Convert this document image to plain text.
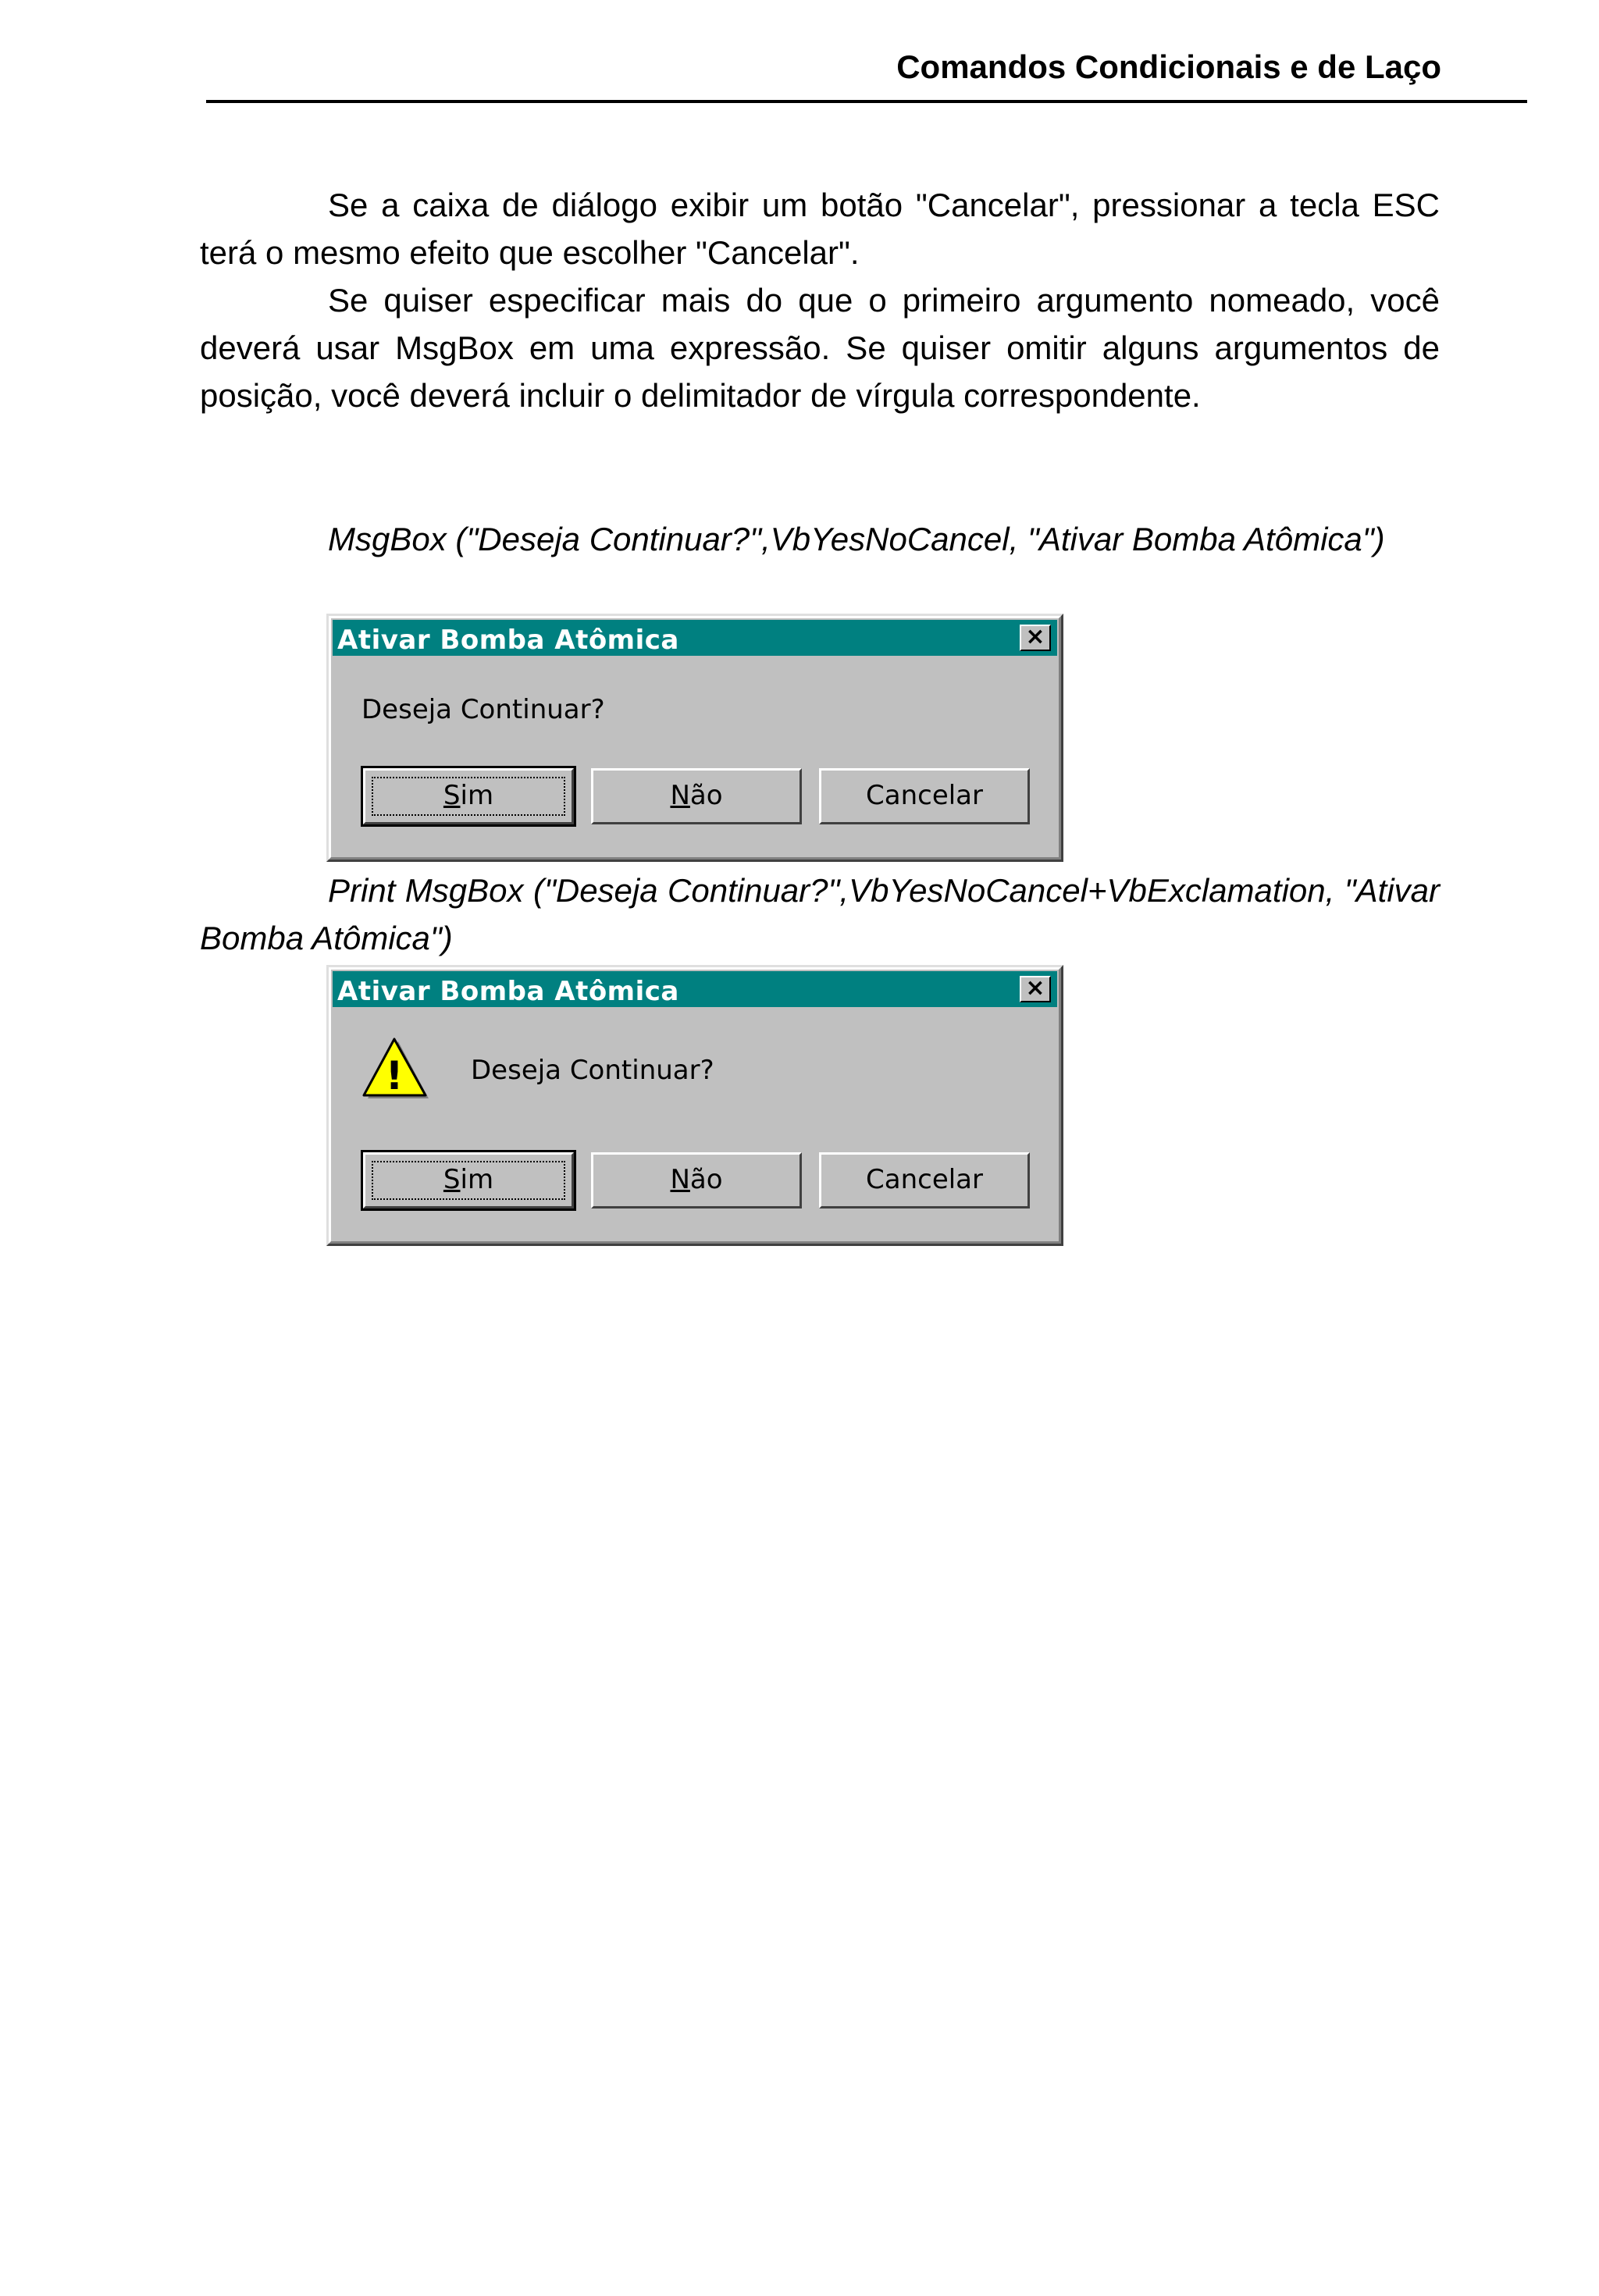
Comandos Condicionais e de Laço

Se a caixa de diálogo exibir um botão "Cancelar", pressionar a tecla ESC terá o mesmo efeito que escolher "Cancelar".

Se quiser especificar mais do que o primeiro argumento nomeado, você deverá usar MsgBox em uma expressão. Se quiser omitir alguns argumentos de posição, você deverá incluir o delimitador de vírgula correspondente.

MsgBox ("Deseja Continuar?",VbYesNoCancel, "Ativar Bomba Atômica")

Ativar Bomba Atômica	×
Deseja Continuar?
Sim	Não	Cancelar

Print MsgBox ("Deseja Continuar?",VbYesNoCancel+VbExclamation, "Ativar Bomba Atômica")

Ativar Bomba Atômica	×
!	Deseja Continuar?
Sim	Não	Cancelar
